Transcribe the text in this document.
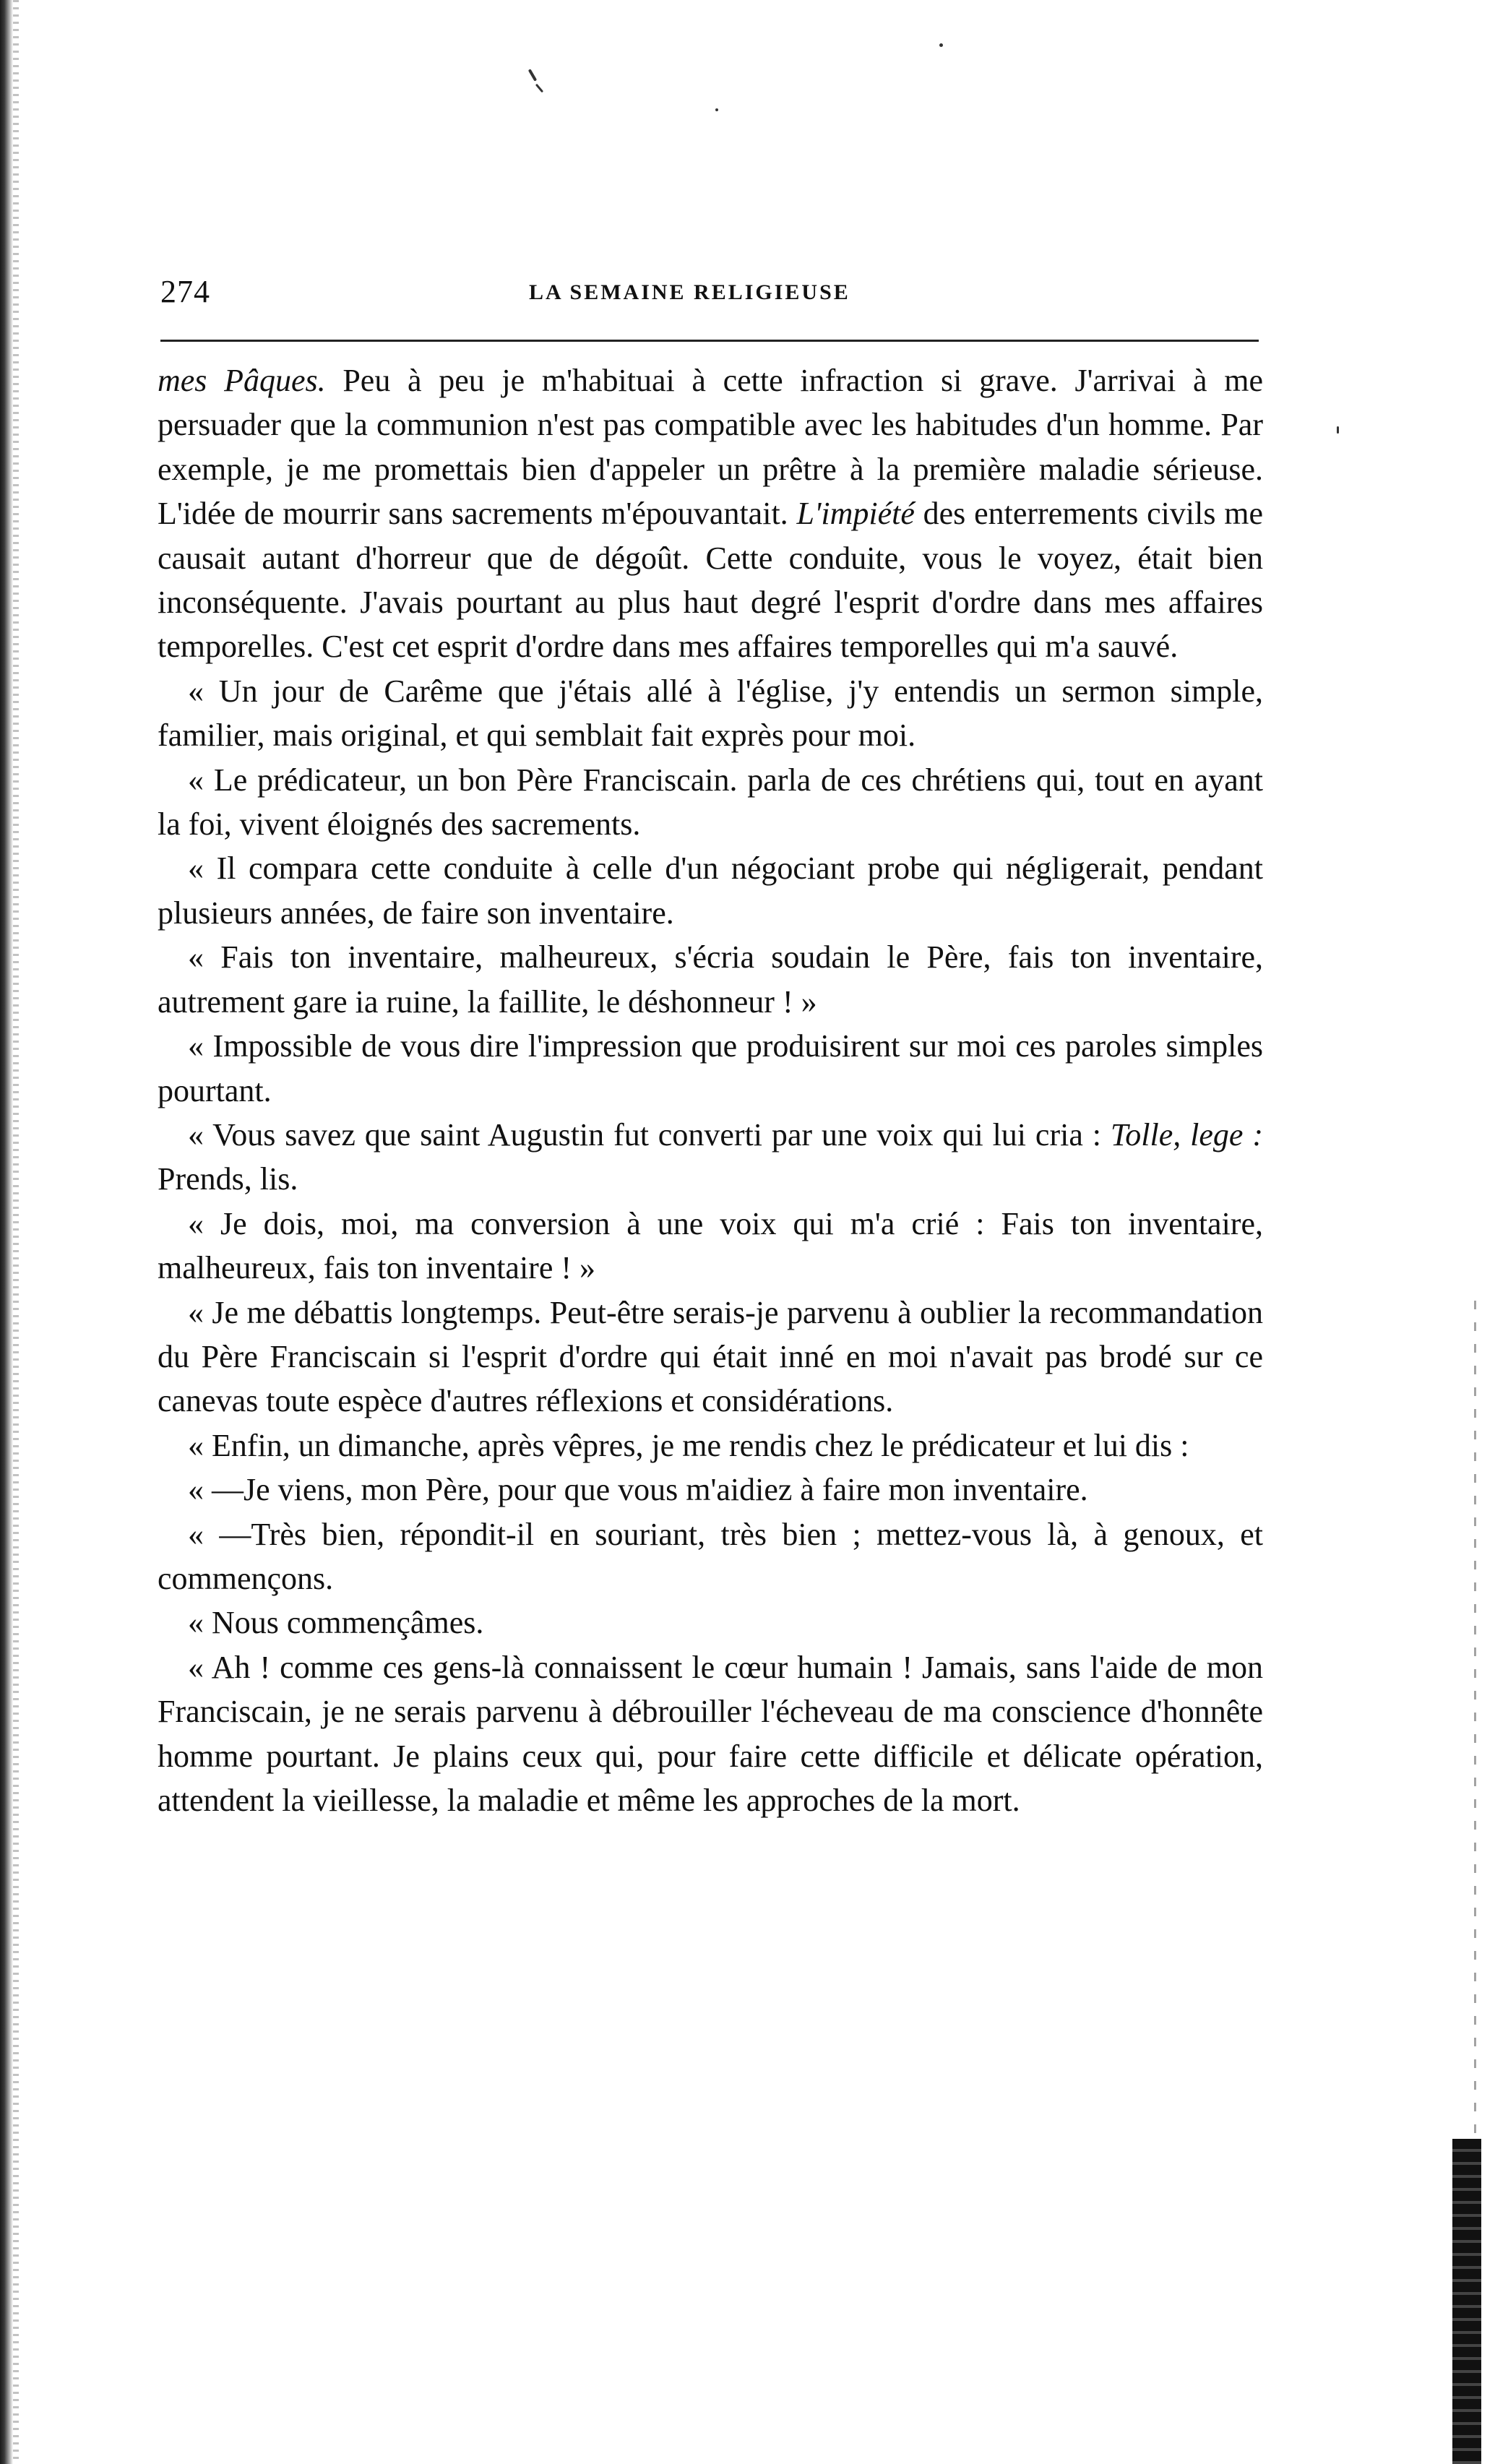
274	LA SEMAINE RELIGIEUSE

mes Pâques. Peu à peu je m'habituai à cette infraction si grave. J'arrivai à me persuader que la communion n'est pas compatible avec les habitudes d'un homme. Par exemple, je me promettais bien d'appeler un prêtre à la première maladie sérieuse. L'idée de mourrir sans sacrements m'épouvantait. L'impiété des enterrements civils me causait autant d'horreur que de dégoût. Cette conduite, vous le voyez, était bien inconséquente. J'avais pourtant au plus haut degré l'esprit d'ordre dans mes affaires temporelles. C'est cet esprit d'ordre dans mes affaires temporelles qui m'a sauvé.

« Un jour de Carême que j'étais allé à l'église, j'y entendis un sermon simple, familier, mais original, et qui semblait fait exprès pour moi.

« Le prédicateur, un bon Père Franciscain. parla de ces chrétiens qui, tout en ayant la foi, vivent éloignés des sacrements.

« Il compara cette conduite à celle d'un négociant probe qui négligerait, pendant plusieurs années, de faire son inventaire.

« Fais ton inventaire, malheureux, s'écria soudain le Père, fais ton inventaire, autrement gare ia ruine, la faillite, le déshonneur ! »

« Impossible de vous dire l'impression que produisirent sur moi ces paroles simples pourtant.

« Vous savez que saint Augustin fut converti par une voix qui lui cria : Tolle, lege : Prends, lis.

« Je dois, moi, ma conversion à une voix qui m'a crié : Fais ton inventaire, malheureux, fais ton inventaire ! »

« Je me débattis longtemps. Peut-être serais-je parvenu à oublier la recommandation du Père Franciscain si l'esprit d'ordre qui était inné en moi n'avait pas brodé sur ce canevas toute espèce d'autres réflexions et considérations.

« Enfin, un dimanche, après vêpres, je me rendis chez le prédicateur et lui dis :

« —Je viens, mon Père, pour que vous m'aidiez à faire mon inventaire.

« —Très bien, répondit-il en souriant, très bien ; mettez-vous là, à genoux, et commençons.

« Nous commençâmes.

« Ah ! comme ces gens-là connaissent le cœur humain ! Jamais, sans l'aide de mon Franciscain, je ne serais parvenu à débrouiller l'écheveau de ma conscience d'honnête homme pourtant. Je plains ceux qui, pour faire cette difficile et délicate opération, attendent la vieillesse, la maladie et même les approches de la mort.
